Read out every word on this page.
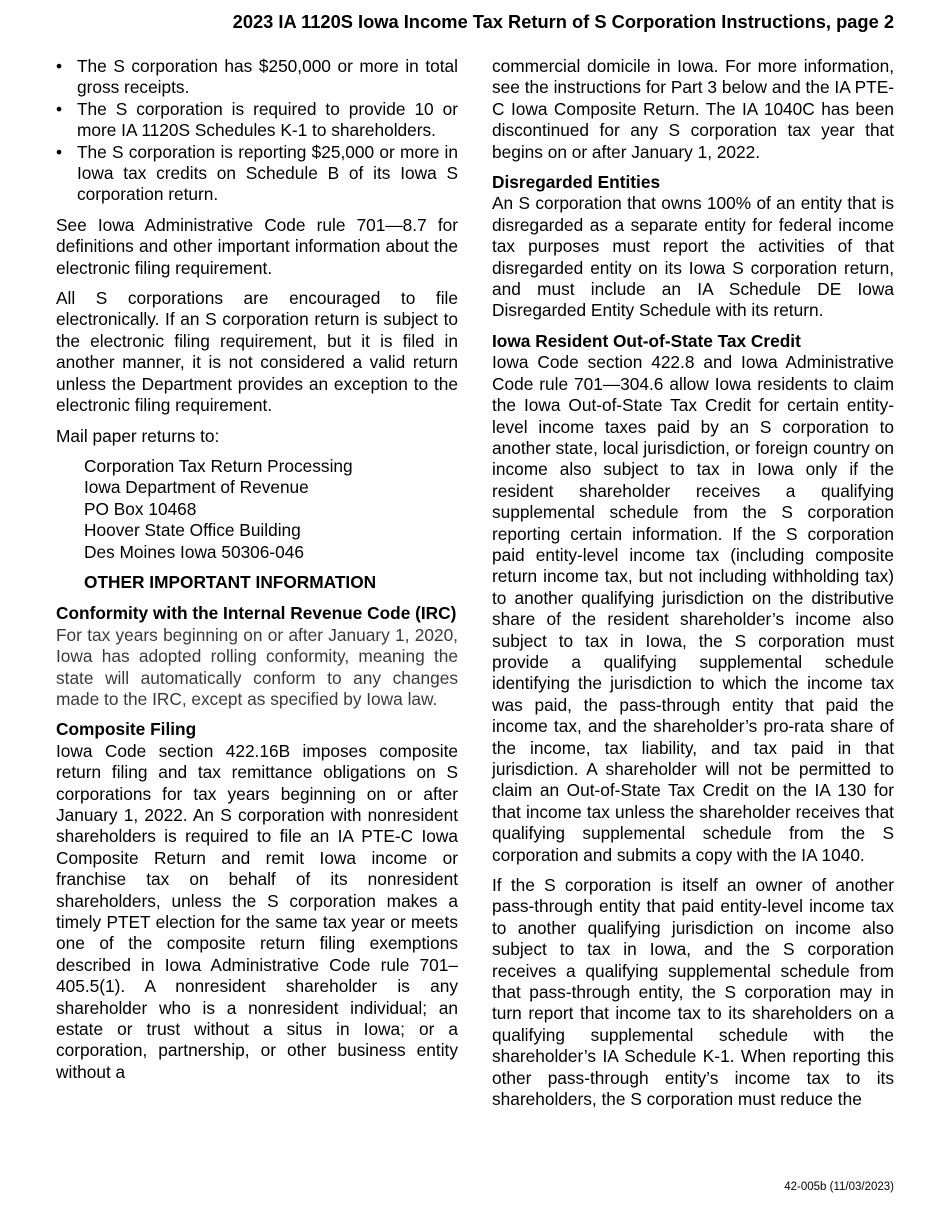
2023 IA 1120S Iowa Income Tax Return of S Corporation Instructions, page 2
• The S corporation has $250,000 or more in total gross receipts.
• The S corporation is required to provide 10 or more IA 1120S Schedules K-1 to shareholders.
• The S corporation is reporting $25,000 or more in Iowa tax credits on Schedule B of its Iowa S corporation return.

See Iowa Administrative Code rule 701—8.7 for definitions and other important information about the electronic filing requirement.

All S corporations are encouraged to file electronically. If an S corporation return is subject to the electronic filing requirement, but it is filed in another manner, it is not considered a valid return unless the Department provides an exception to the electronic filing requirement.

Mail paper returns to:

Corporation Tax Return Processing
Iowa Department of Revenue
PO Box 10468
Hoover State Office Building
Des Moines Iowa 50306-046
OTHER IMPORTANT INFORMATION
Conformity with the Internal Revenue Code (IRC)

For tax years beginning on or after January 1, 2020, Iowa has adopted rolling conformity, meaning the state will automatically conform to any changes made to the IRC, except as specified by Iowa law.

Composite Filing

Iowa Code section 422.16B imposes composite return filing and tax remittance obligations on S corporations for tax years beginning on or after January 1, 2022. An S corporation with nonresident shareholders is required to file an IA PTE-C Iowa Composite Return and remit Iowa income or franchise tax on behalf of its nonresident shareholders, unless the S corporation makes a timely PTET election for the same tax year or meets one of the composite return filing exemptions described in Iowa Administrative Code rule 701–405.5(1). A nonresident shareholder is any shareholder who is a nonresident individual; an estate or trust without a situs in Iowa; or a corporation, partnership, or other business entity without a

commercial domicile in Iowa. For more information, see the instructions for Part 3 below and the IA PTE-C Iowa Composite Return. The IA 1040C has been discontinued for any S corporation tax year that begins on or after January 1, 2022.

Disregarded Entities

An S corporation that owns 100% of an entity that is disregarded as a separate entity for federal income tax purposes must report the activities of that disregarded entity on its Iowa S corporation return, and must include an IA Schedule DE Iowa Disregarded Entity Schedule with its return.

Iowa Resident Out-of-State Tax Credit

Iowa Code section 422.8 and Iowa Administrative Code rule 701—304.6 allow Iowa residents to claim the Iowa Out-of-State Tax Credit for certain entity-level income taxes paid by an S corporation to another state, local jurisdiction, or foreign country on income also subject to tax in Iowa only if the resident shareholder receives a qualifying supplemental schedule from the S corporation reporting certain information. If the S corporation paid entity-level income tax (including composite return income tax, but not including withholding tax) to another qualifying jurisdiction on the distributive share of the resident shareholder’s income also subject to tax in Iowa, the S corporation must provide a qualifying supplemental schedule identifying the jurisdiction to which the income tax was paid, the pass-through entity that paid the income tax, and the shareholder’s pro-rata share of the income, tax liability, and tax paid in that jurisdiction. A shareholder will not be permitted to claim an Out-of-State Tax Credit on the IA 130 for that income tax unless the shareholder receives that qualifying supplemental schedule from the S corporation and submits a copy with the IA 1040.

If the S corporation is itself an owner of another pass-through entity that paid entity-level income tax to another qualifying jurisdiction on income also subject to tax in Iowa, and the S corporation receives a qualifying supplemental schedule from that pass-through entity, the S corporation may in turn report that income tax to its shareholders on a qualifying supplemental schedule with the shareholder’s IA Schedule K-1. When reporting this other pass-through entity’s income tax to its shareholders, the S corporation must reduce the

42-005b (11/03/2023)
